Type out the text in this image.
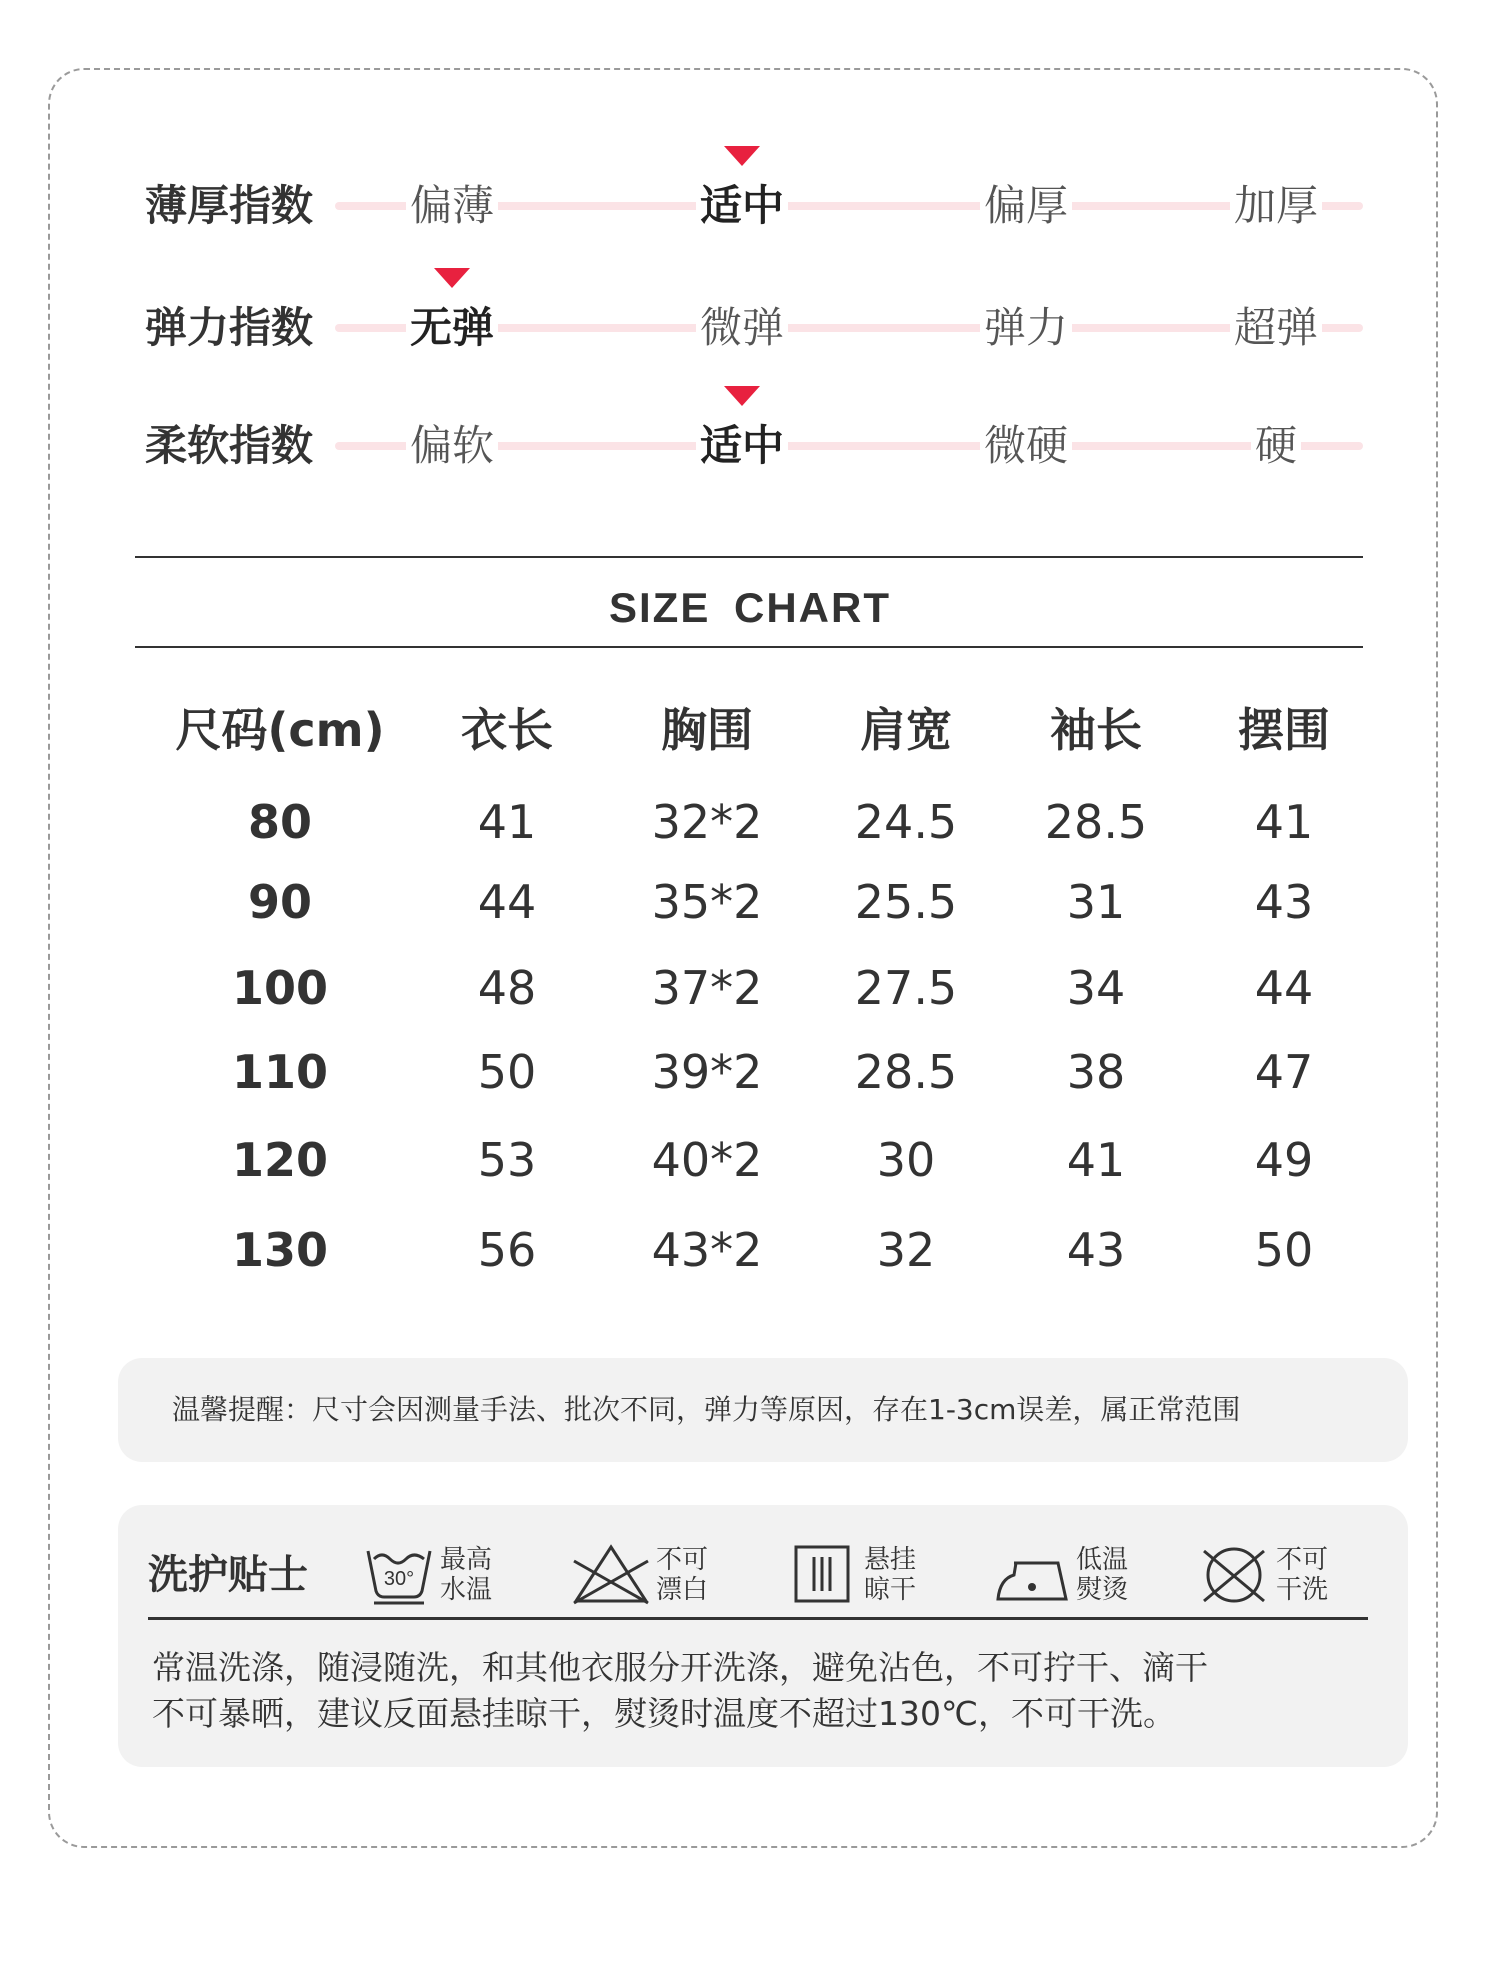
薄厚指数	偏薄	适中	偏厚	加厚
弹力指数	无弹	微弹	弹力	超弹
柔软指数	偏软	适中	微硬	硬
SIZE CHART
尺码(cm)	衣长	胸围	肩宽	袖长	摆围
80	41	32*2	24.5	28.5	41
90	44	35*2	25.5	31	43
100	48	37*2	27.5	34	44
110	50	39*2	28.5	38	47
120	53	40*2	30	41	49
130	56	43*2	32	43	50
温馨提醒：尺寸会因测量手法、批次不同，弹力等原因，存在1-3cm误差，属正常范围
洗护贴士	30°
最高
水温
不可
漂白
悬挂
晾干
低温
熨烫
不可
干洗
常温洗涤，随浸随洗，和其他衣服分开洗涤，避免沾色，不可拧干、滴干
不可暴晒，建议反面悬挂晾干，熨烫时温度不超过130℃，不可干洗。
